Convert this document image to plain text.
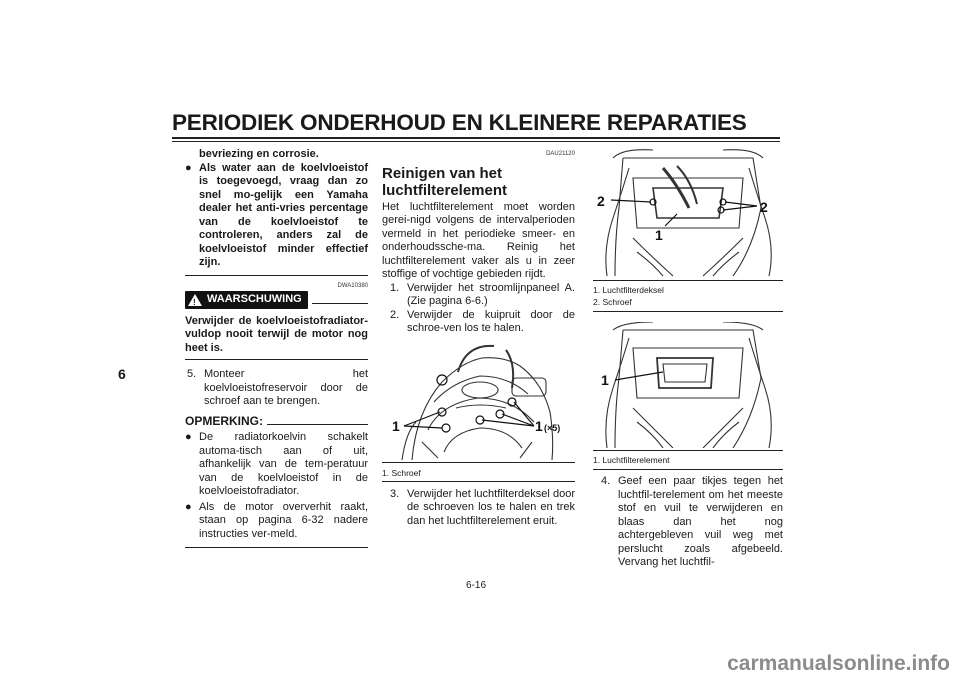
PERIODIEK ONDERHOUD EN KLEINERE REPARATIES
6
bevriezing en corrosie.
● Als water aan de koelvloeistof is toegevoegd, vraag dan zo snel mo-gelijk een Yamaha dealer het anti-vries percentage van de koelvloeistof te controleren, anders zal de koelvloeistof minder effectief zijn.
DWA10380
! WAARSCHUWING
Verwijder de koelvloeistofradiator-vuldop nooit terwijl de motor nog heet is.
5. Monteer het koelvloeistofreservoir door de schroef aan te brengen.
OPMERKING:
● De radiatorkoelvin schakelt automa-tisch aan of uit, afhankelijk van de tem-peratuur van de koelvloeistof in de koelvloeistofradiator.
● Als de motor oververhit raakt, staan op pagina 6-32 nadere instructies ver-meld.
DAU21120
Reinigen van het luchtfilterelement
Het luchtfilterelement moet worden gerei-nigd volgens de intervalperioden vermeld in het periodieke smeer- en onderhoudssche-ma. Reinig het luchtfilterelement vaker als u in zeer stoffige of vochtige gebieden rijdt.
1. Verwijder het stroomlijnpaneel A. (Zie pagina 6-6.)
2. Verwijder de kuipruit door de schroe-ven los te halen.
1	1 (×5)
1. Schroef
3. Verwijder het luchtfilterdeksel door de schroeven los te halen en trek dan het luchtfilterelement eruit.
2	2
1
1. Luchtfilterdeksel
2. Schroef
1
1. Luchtfilterelement
4. Geef een paar tikjes tegen het luchtfil-terelement om het meeste stof en vuil te verwijderen en blaas dan het nog achtergebleven vuil weg met perslucht zoals afgebeeld. Vervang het luchtfil-
6-16
carmanualsonline.info
